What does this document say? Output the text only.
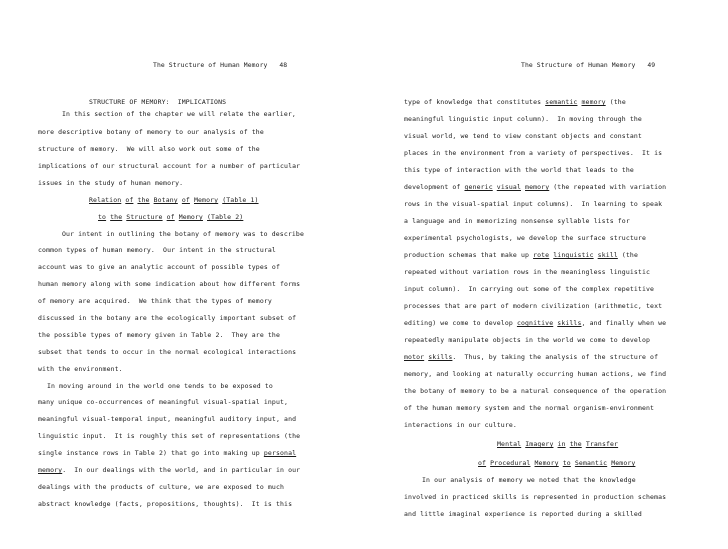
The Structure of Human Memory   48
STRUCTURE OF MEMORY:  IMPLICATIONS
In this section of the chapter we will relate the earlier,
more descriptive botany of memory to our analysis of the
structure of memory.  We will also work out some of the
implications of our structural account for a number of particular
issues in the study of human memory.
Relation of the Botany of Memory (Table 1)
to the Structure of Memory (Table 2)
Our intent in outlining the botany of memory was to describe
common types of human memory.  Our intent in the structural
account was to give an analytic account of possible types of
human memory along with some indication about how different forms
of memory are acquired.  We think that the types of memory
discussed in the botany are the ecologically important subset of
the possible types of memory given in Table 2.  They are the
subset that tends to occur in the normal ecological interactions
with the environment.
In moving around in the world one tends to be exposed to
many unique co-occurrences of meaningful visual-spatial input,
meaningful visual-temporal input, meaningful auditory input, and
linguistic input.  It is roughly this set of representations (the
single instance rows in Table 2) that go into making up personal
memory.  In our dealings with the world, and in particular in our
dealings with the products of culture, we are exposed to much
abstract knowledge (facts, propositions, thoughts).  It is this
The Structure of Human Memory   49
type of knowledge that constitutes semantic memory (the
meaningful linguistic input column).  In moving through the
visual world, we tend to view constant objects and constant
places in the environment from a variety of perspectives.  It is
this type of interaction with the world that leads to the
development of generic visual memory (the repeated with variation
rows in the visual-spatial input columns).  In learning to speak
a language and in memorizing nonsense syllable lists for
experimental psychologists, we develop the surface structure
production schemas that make up rote linguistic skill (the
repeated without variation rows in the meaningless linguistic
input column).  In carrying out some of the complex repetitive
processes that are part of modern civilization (arithmetic, text
editing) we come to develop cognitive skills, and finally when we
repeatedly manipulate objects in the world we come to develop
motor skills.  Thus, by taking the analysis of the structure of
memory, and looking at naturally occurring human actions, we find
the botany of memory to be a natural consequence of the operation
of the human memory system and the normal organism-environment
interactions in our culture.
Mental Imagery in the Transfer
of Procedural Memory to Semantic Memory
In our analysis of memory we noted that the knowledge
involved in practiced skills is represented in production schemas
and little imaginal experience is reported during a skilled
